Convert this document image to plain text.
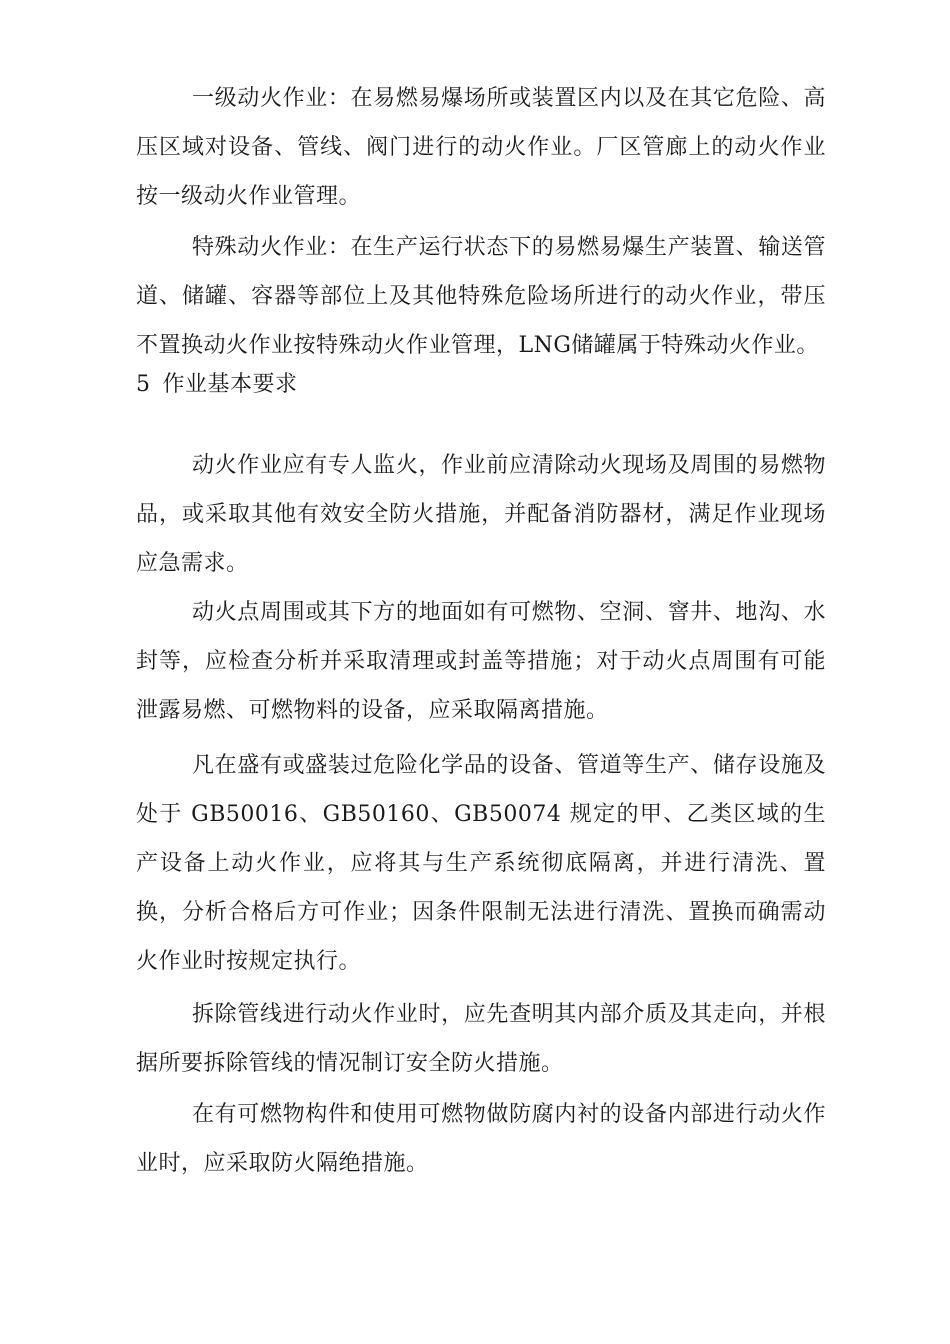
一级动火作业：在易燃易爆场所或装置区内以及在其它危险、高压区域对设备、管线、阀门进行的动火作业。厂区管廊上的动火作业按一级动火作业管理。

特殊动火作业：在生产运行状态下的易燃易爆生产装置、输送管道、储罐、容器等部位上及其他特殊危险场所进行的动火作业，带压不置换动火作业按特殊动火作业管理，LNG储罐属于特殊动火作业。

5 作业基本要求

动火作业应有专人监火，作业前应清除动火现场及周围的易燃物品，或采取其他有效安全防火措施，并配备消防器材，满足作业现场应急需求。

动火点周围或其下方的地面如有可燃物、空洞、窨井、地沟、水封等，应检查分析并采取清理或封盖等措施；对于动火点周围有可能泄露易燃、可燃物料的设备，应采取隔离措施。

凡在盛有或盛装过危险化学品的设备、管道等生产、储存设施及处于 GB50016、GB50160、GB50074 规定的甲、乙类区域的生产设备上动火作业，应将其与生产系统彻底隔离，并进行清洗、置换，分析合格后方可作业；因条件限制无法进行清洗、置换而确需动火作业时按规定执行。

拆除管线进行动火作业时，应先查明其内部介质及其走向，并根据所要拆除管线的情况制订安全防火措施。

在有可燃物构件和使用可燃物做防腐内衬的设备内部进行动火作业时，应采取防火隔绝措施。
